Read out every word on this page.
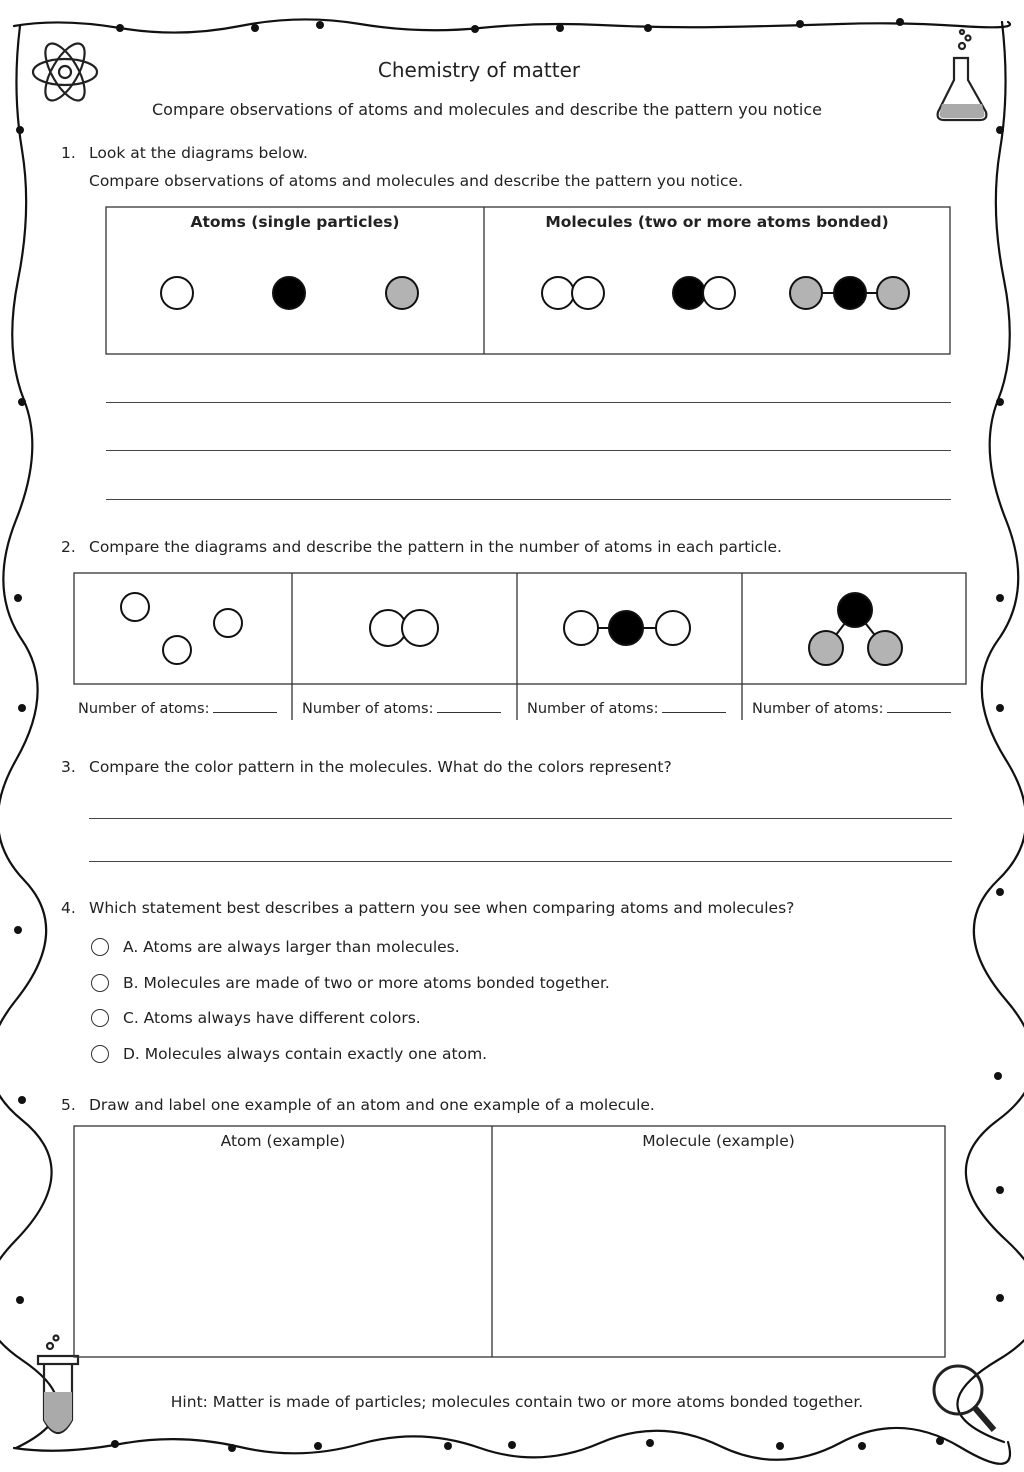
Chemistry of matter
Compare observations of atoms and molecules and describe the pattern you notice
1. Look at the diagrams below.
Compare observations of atoms and molecules and describe the pattern you notice.
Atoms (single particles)	Molecules (two or more atoms bonded)
2. Compare the diagrams and describe the pattern in the number of atoms in each particle.
Number of atoms:	Number of atoms:	Number of atoms:	Number of atoms:
3. Compare the color pattern in the molecules. What do the colors represent?
4. Which statement best describes a pattern you see when comparing atoms and molecules?
A. Atoms are always larger than molecules.
B. Molecules are made of two or more atoms bonded together.
C. Atoms always have different colors.
D. Molecules always contain exactly one atom.
5. Draw and label one example of an atom and one example of a molecule.
Atom (example)	Molecule (example)
Hint: Matter is made of particles; molecules contain two or more atoms bonded together.
